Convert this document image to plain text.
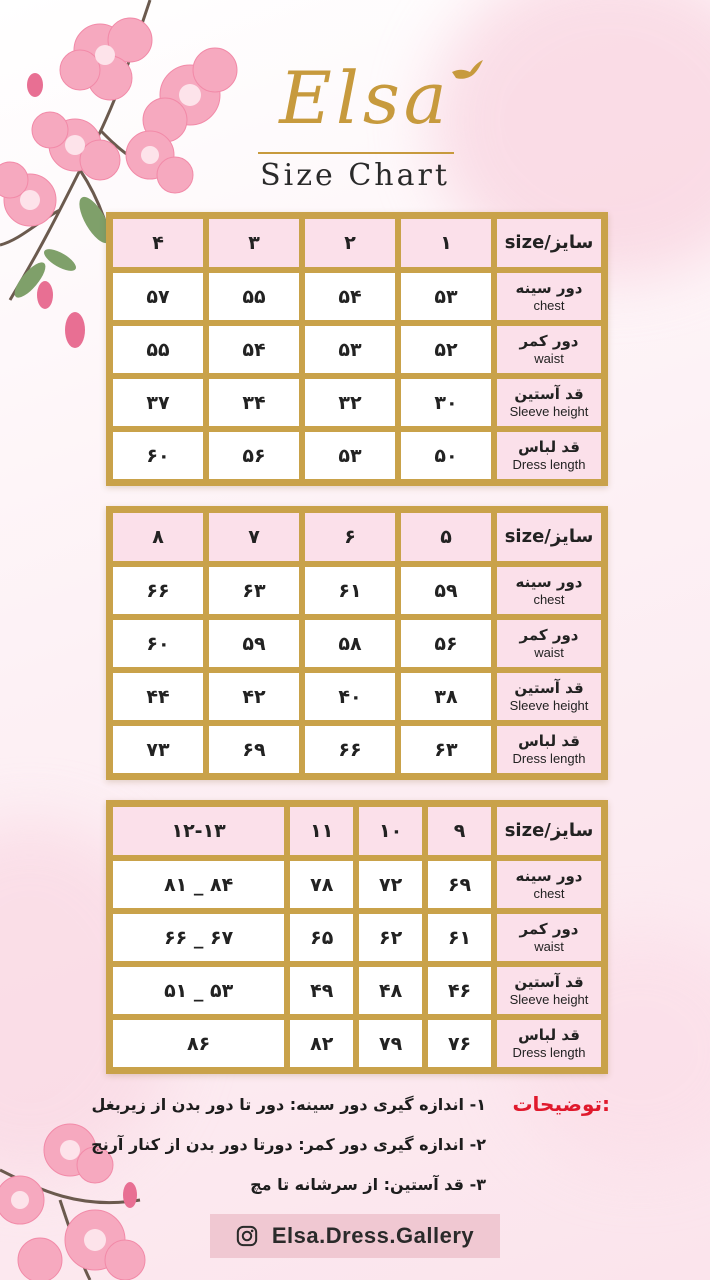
Elsa
Size Chart
۴	۳	۲	۱	size/سایز
۵۷	۵۵	۵۴	۵۳	دور سینه
chest

۵۵	۵۴	۵۳	۵۲	دور کمر
waist

۳۷	۳۴	۳۲	۳۰	قد آستین
Sleeve height

۶۰	۵۶	۵۳	۵۰	قد لباس
Dress length
۸	۷	۶	۵	size/سایز
۶۶	۶۳	۶۱	۵۹	دور سینه
chest

۶۰	۵۹	۵۸	۵۶	دور کمر
waist

۴۴	۴۲	۴۰	۳۸	قد آستین
Sleeve height

۷۳	۶۹	۶۶	۶۳	قد لباس
Dress length
۱۲-۱۳	۱۱	۱۰	۹	size/سایز
۸۱ _ ۸۴	۷۸	۷۲	۶۹	دور سینه
chest

۶۶ _ ۶۷	۶۵	۶۲	۶۱	دور کمر
waist

۵۱ _ ۵۳	۴۹	۴۸	۴۶	قد آستین
Sleeve height

۸۶	۸۲	۷۹	۷۶	قد لباس
Dress length
توضیحات:
۱- اندازه گیری دور سینه: دور تا دور بدن از زیربغل
۲- اندازه گیری دور کمر: دورتا دور بدن از کنار آرنج
۳- قد آستین: از سرشانه تا مچ
Elsa.Dress.Gallery
